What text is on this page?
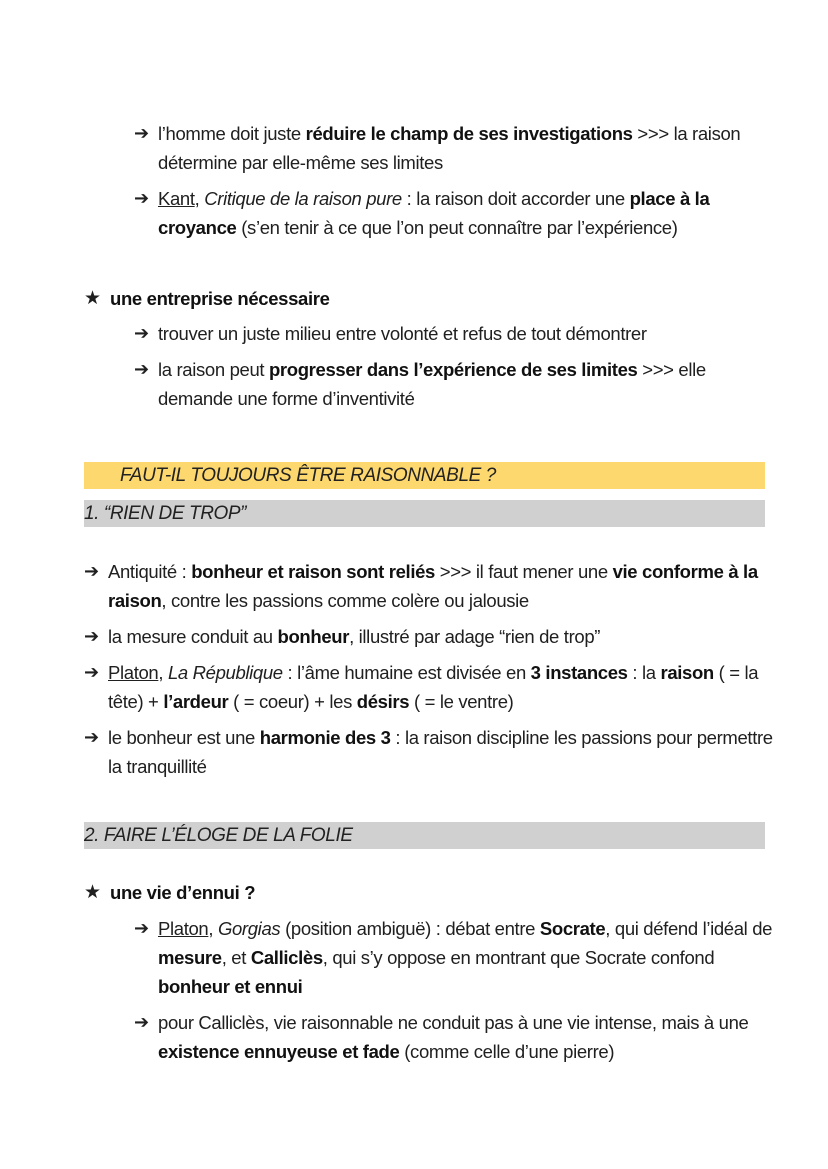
➔ l’homme doit juste réduire le champ de ses investigations >>> la raison détermine par elle-même ses limites
➔ Kant, Critique de la raison pure : la raison doit accorder une place à la croyance (s’en tenir à ce que l’on peut connaître par l’expérience)
★ une entreprise nécessaire
➔ trouver un juste milieu entre volonté et refus de tout démontrer
➔ la raison peut progresser dans l’expérience de ses limites >>> elle demande une forme d’inventivité
FAUT-IL TOUJOURS ÊTRE RAISONNABLE ?
1. “RIEN DE TROP”
➔ Antiquité : bonheur et raison sont reliés >>> il faut mener une vie conforme à la raison, contre les passions comme colère ou jalousie
➔ la mesure conduit au bonheur, illustré par adage “rien de trop”
➔ Platon, La République : l’âme humaine est divisée en 3 instances : la raison ( = la tête) + l’ardeur ( = coeur) + les désirs ( = le ventre)
➔ le bonheur est une harmonie des 3 : la raison discipline les passions pour permettre la tranquillité
2. FAIRE L’ÉLOGE DE LA FOLIE
★ une vie d’ennui ?
➔ Platon, Gorgias (position ambiguë) : débat entre Socrate, qui défend l’idéal de mesure, et Calliclès, qui s’y oppose en montrant que Socrate confond bonheur et ennui
➔ pour Calliclès, vie raisonnable ne conduit pas à une vie intense, mais à une existence ennuyeuse et fade (comme celle d’une pierre)
